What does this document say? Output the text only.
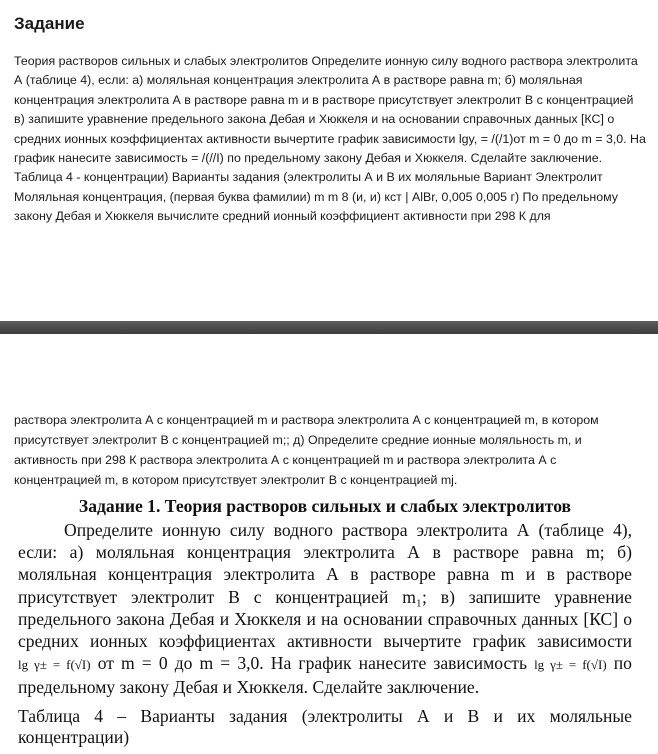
Задание

Теория растворов сильных и слабых электролитов Определите ионную силу водного раствора электролита А (таблице 4), если: а) моляльная концентрация электролита А в растворе равна m; б) моляльная концентрация электролита А в растворе равна m и в растворе присутствует электролит В с концентрацией в) запишите уравнение предельного закона Дебая и Хюккеля и на основании справочных данных [КС] о средних ионных коэффициентах активности вычертите график зависимости lgy, = /(/1)от m = 0 до m = 3,0. На график нанесите зависимость = /(//I) по предельному закону Дебая и Хюккеля. Сделайте заключение. Таблица 4 - концентрации) Варианты задания (электролиты А и В их моляльные Вариант Электролит Моляльная концентрация, (первая буква фамилии) m m 8 (и, и) кст | AlBr, 0,005 0,005 г) По предельному закону Дебая и Хюккеля вычислите средний ионный коэффициент активности при 298 К для

раствора электролита А с концентрацией m и раствора электролита А с концентрацией m, в котором присутствует электролит В с концентрацией m;; д) Определите средние ионные моляльность m, и активность при 298 К раствора электролита А с концентрацией m и раствора электролита А с концентрацией m, в котором присутствует электролит В с концентрацией mj.

Задание 1. Теория растворов сильных и слабых электролитов

Определите ионную силу водного раствора электролита А (таблице 4), если: а) моляльная концентрация электролита А в растворе равна m; б) моляльная концентрация электролита А в растворе равна m и в растворе присутствует электролит В с концентрацией m₁; в) запишите уравнение предельного закона Дебая и Хюккеля и на основании справочных данных [КС] о средних ионных коэффициентах активности вычертите график зависимости lg γ± = f(√I) от m = 0 до m = 3,0. На график нанесите зависимость lg γ± = f(√I) по предельному закону Дебая и Хюккеля. Сделайте заключение.

Таблица 4 – Варианты задания (электролиты А и В и их моляльные концентрации)
